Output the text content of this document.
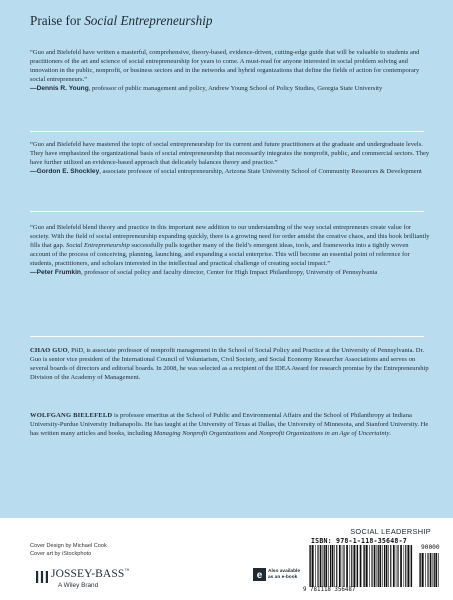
Praise for Social Entrepreneurship
“Guo and Bielefeld have written a masterful, comprehensive, theory-based, evidence-driven, cutting-edge guide that will be valuable to students and practitioners of the art and science of social entrepreneurship for years to come. A must-read for anyone interested in social problem solving and innovation in the public, nonprofit, or business sectors and in the networks and hybrid organizations that define the fields of action for contemporary social entrepreneurs.”
—Dennis R. Young, professor of public management and policy, Andrew Young School of Policy Studies, Georgia State University
“Guo and Bielefeld have mastered the topic of social entrepreneurship for its current and future practitioners at the graduate and undergraduate levels. They have emphasized the organizational basis of social entrepreneurship that necessarily integrates the nonprofit, public, and commercial sectors. They have further utilized an evidence-based approach that delicately balances theory and practice.”
—Gordon E. Shockley, associate professor of social entrepreneurship, Arizona State University School of Community Resources & Development
“Guo and Bielefeld blend theory and practice in this important new addition to our understanding of the way social entrepreneurs create value for society. With the field of social entrepreneurship expanding quickly, there is a growing need for order amidst the creative chaos, and this book brilliantly fills that gap. Social Entrepreneurship successfully pulls together many of the field’s emergent ideas, tools, and frameworks into a tightly woven account of the process of conceiving, planning, launching, and expanding a social enterprise. This will become an essential point of reference for students, practitioners, and scholars interested in the intellectual and practical challenge of creating social impact.”
—Peter Frumkin, professor of social policy and faculty director, Center for High Impact Philanthropy, University of Pennsylvania
CHAO GUO, PhD, is associate professor of nonprofit management in the School of Social Policy and Practice at the University of Pennsylvania. Dr. Guo is senior vice president of the International Council of Voluntarism, Civil Society, and Social Economy Researcher Associations and serves on several boards of directors and editorial boards. In 2008, he was selected as a recipient of the IDEA Award for research promise by the Entrepreneurship Division of the Academy of Management.
WOLFGANG BIELEFELD is professor emeritus at the School of Public and Environmental Affairs and the School of Philanthropy at Indiana University-Purdue University Indianapolis. He has taught at the University of Texas at Dallas, the University of Minnesota, and Stanford University. He has written many articles and books, including Managing Nonprofit Organizations and Nonprofit Organizations in an Age of Uncertainty.
SOCIAL LEADERSHIP
Cover Design by Michael Cook
Cover art by iStockphoto
JOSSEY-BASS™
A Wiley Brand
e Also available
as an e-book
ISBN: 978-1-118-35648-7
90000
9 781118 356487
